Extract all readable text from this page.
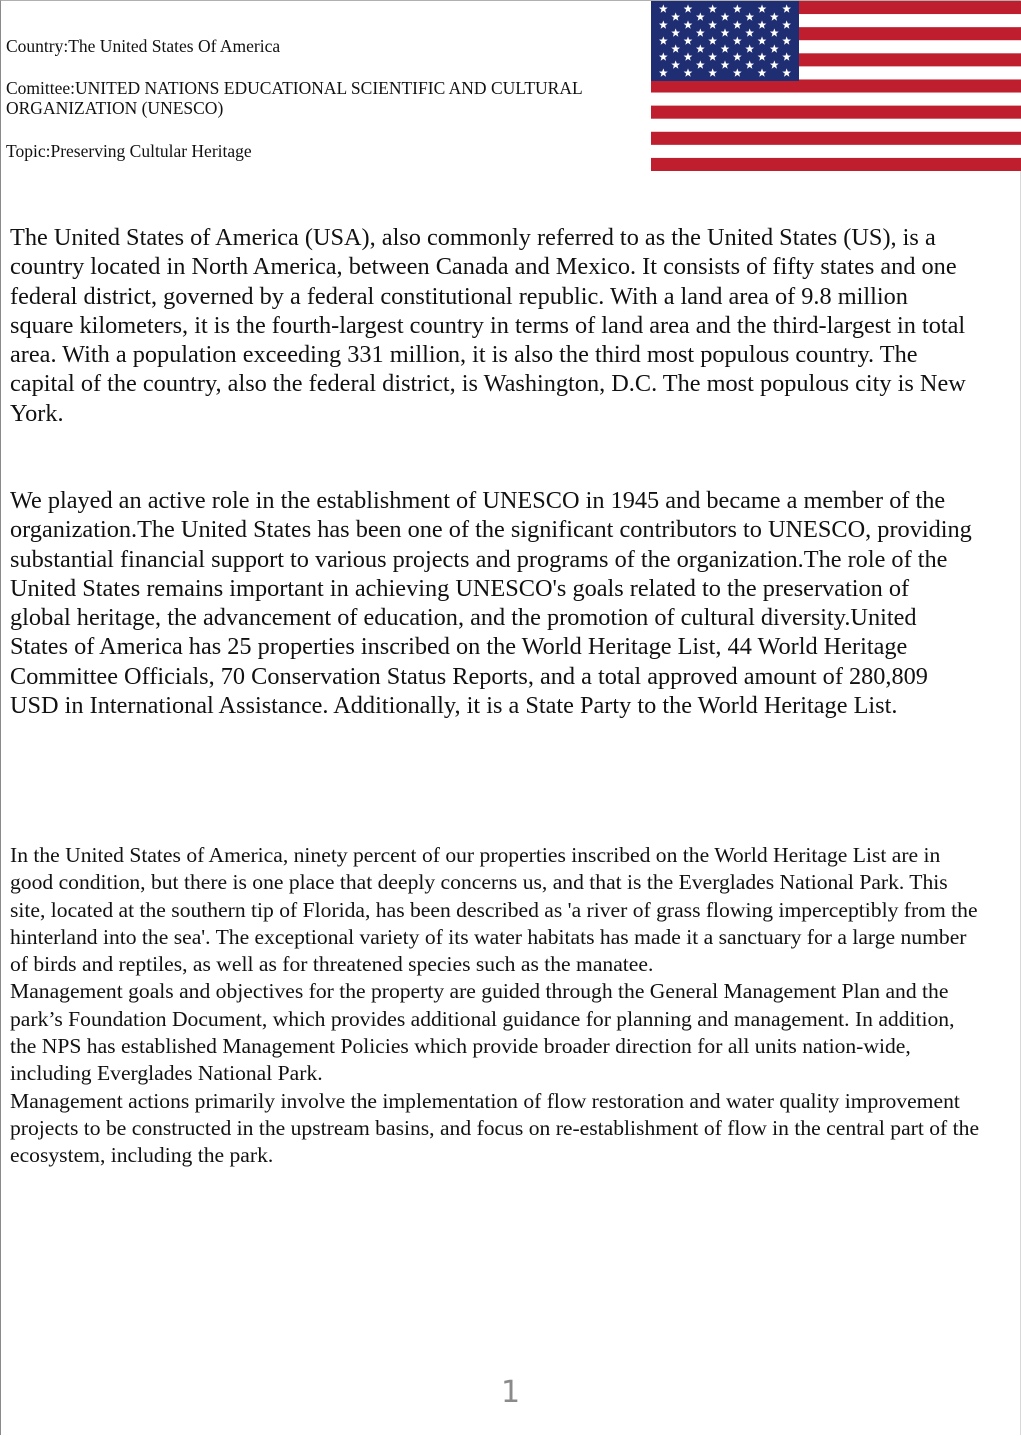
Country:The United States Of America

Comittee:UNITED NATIONS EDUCATIONAL SCIENTIFIC AND CULTURAL ORGANIZATION (UNESCO)

Topic:Preserving Cultular Heritage

The United States of America (USA), also commonly referred to as the United States (US), is a country located in North America, between Canada and Mexico. It consists of fifty states and one federal district, governed by a federal constitutional republic. With a land area of 9.8 million square kilometers, it is the fourth-largest country in terms of land area and the third-largest in total area. With a population exceeding 331 million, it is also the third most populous country. The capital of the country, also the federal district, is Washington, D.C. The most populous city is New York.

We played an active role in the establishment of UNESCO in 1945 and became a member of the organization.The United States has been one of the significant contributors to UNESCO, providing substantial financial support to various projects and programs of the organization.The role of the United States remains important in achieving UNESCO's goals related to the preservation of global heritage, the advancement of education, and the promotion of cultural diversity.United States of America has 25 properties inscribed on the World Heritage List, 44 World Heritage Committee Officials, 70 Conservation Status Reports, and a total approved amount of 280,809 USD in International Assistance. Additionally, it is a State Party to the World Heritage List.

In the United States of America, ninety percent of our properties inscribed on the World Heritage List are in good condition, but there is one place that deeply concerns us, and that is the Everglades National Park. This site, located at the southern tip of Florida, has been described as 'a river of grass flowing imperceptibly from the hinterland into the sea'. The exceptional variety of its water habitats has made it a sanctuary for a large number of birds and reptiles, as well as for threatened species such as the manatee.
Management goals and objectives for the property are guided through the General Management Plan and the park’s Foundation Document, which provides additional guidance for planning and management. In addition, the NPS has established Management Policies which provide broader direction for all units nation-wide, including Everglades National Park.
Management actions primarily involve the implementation of flow restoration and water quality improvement projects to be constructed in the upstream basins, and focus on re-establishment of flow in the central part of the ecosystem, including the park.
1
